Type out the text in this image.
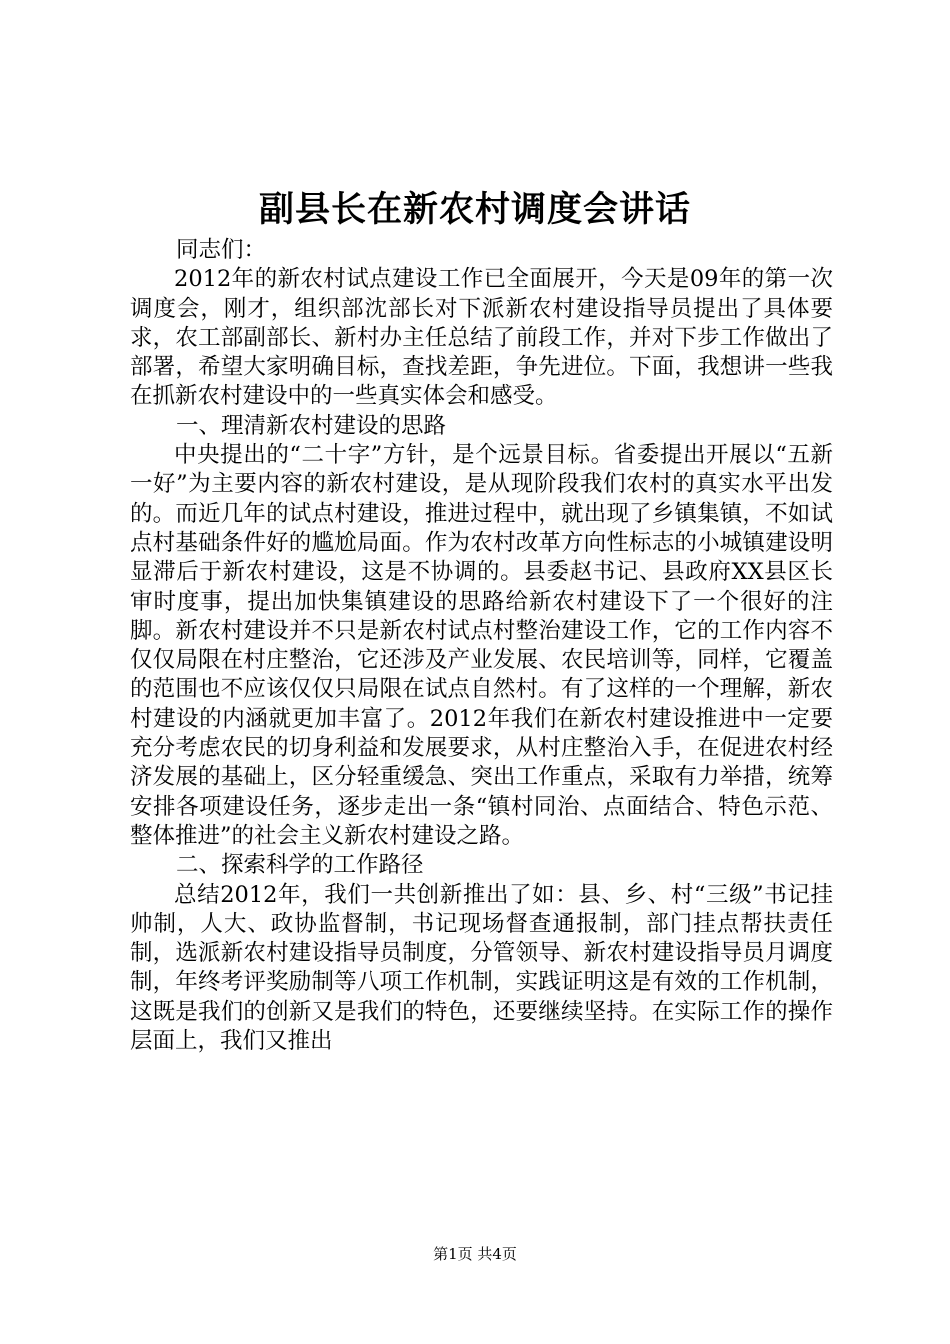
副县长在新农村调度会讲话

同志们：

2012年的新农村试点建设工作已全面展开，今天是09年的第一次调度会，刚才，组织部沈部长对下派新农村建设指导员提出了具体要求，农工部副部长、新村办主任总结了前段工作，并对下步工作做出了部署，希望大家明确目标，查找差距，争先进位。下面，我想讲一些我在抓新农村建设中的一些真实体会和感受。

一、理清新农村建设的思路

中央提出的“二十字”方针，是个远景目标。省委提出开展以“五新一好”为主要内容的新农村建设，是从现阶段我们农村的真实水平出发的。而近几年的试点村建设，推进过程中，就出现了乡镇集镇，不如试点村基础条件好的尴尬局面。作为农村改革方向性标志的小城镇建设明显滞后于新农村建设，这是不协调的。县委赵书记、县政府XX县区长审时度事，提出加快集镇建设的思路给新农村建设下了一个很好的注脚。新农村建设并不只是新农村试点村整治建设工作，它的工作内容不仅仅局限在村庄整治，它还涉及产业发展、农民培训等，同样，它覆盖的范围也不应该仅仅只局限在试点自然村。有了这样的一个理解，新农村建设的内涵就更加丰富了。2012年我们在新农村建设推进中一定要充分考虑农民的切身利益和发展要求，从村庄整治入手，在促进农村经济发展的基础上，区分轻重缓急、突出工作重点，采取有力举措，统筹安排各项建设任务，逐步走出一条“镇村同治、点面结合、特色示范、整体推进”的社会主义新农村建设之路。

二、探索科学的工作路径

总结2012年，我们一共创新推出了如：县、乡、村“三级”书记挂帅制，人大、政协监督制，书记现场督查通报制，部门挂点帮扶责任制，选派新农村建设指导员制度，分管领导、新农村建设指导员月调度制，年终考评奖励制等八项工作机制，实践证明这是有效的工作机制，这既是我们的创新又是我们的特色，还要继续坚持。在实际工作的操作层面上，我们又推出

第1页 共4页
